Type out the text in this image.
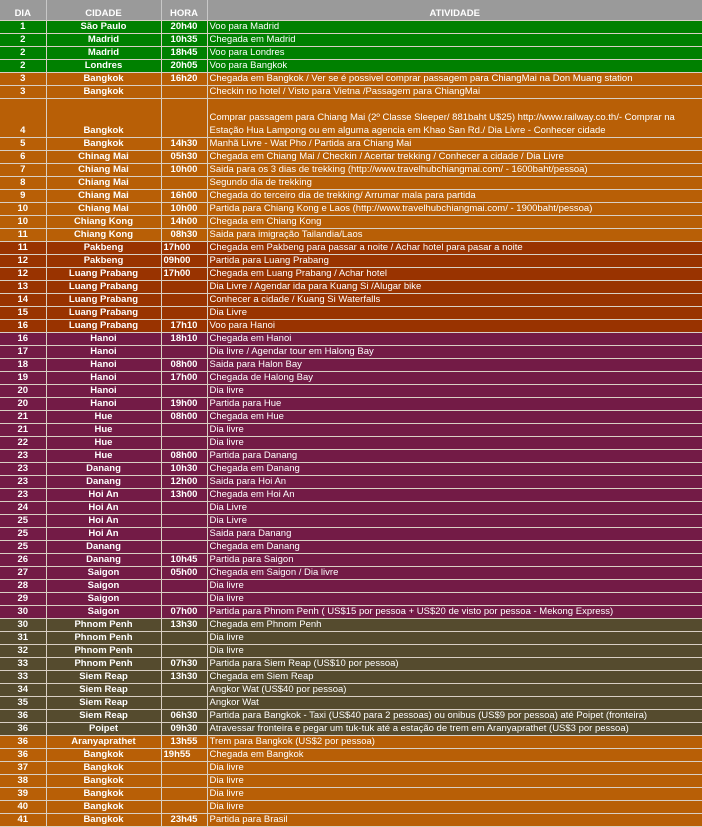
DIA	CIDADE	HORA	ATIVIDADE
1	São Paulo	20h40	Voo para Madrid
2	Madrid	10h35	Chegada em Madrid
2	Madrid	18h45	Voo para Londres
2	Londres	20h05	Voo para Bangkok
3	Bangkok	16h20	Chegada em Bangkok / Ver se é possivel comprar passagem para ChiangMai na Don Muang station
3	Bangkok		Checkin no hotel / Visto para Vietna /Passagem para ChiangMai
4	Bangkok		Comprar passagem para Chiang Mai (2º Classe Sleeper/ 881baht U$25) http://www.railway.co.th/- Comprar na Estação Hua Lampong ou em alguma agencia em Khao San Rd./ Dia Livre - Conhecer cidade
5	Bangkok	14h30	Manhã Livre - Wat Pho / Partida ara Chiang Mai
6	Chinag Mai	05h30	Chegada em Chiang Mai / Checkin / Acertar trekking / Conhecer a cidade / Dia Livre
7	Chiang Mai	10h00	Saida para os 3 dias de trekking (http://www.travelhubchiangmai.com/ - 1600baht/pessoa)
8	Chiang Mai		Segundo dia de trekking
9	Chiang Mai	16h00	Chegada do terceiro dia de trekking/ Arrumar mala para partida
10	Chiang Mai	10h00	Partida para Chiang Kong e Laos (http://www.travelhubchiangmai.com/ - 1900baht/pessoa)
10	Chiang Kong	14h00	Chegada em Chiang Kong
11	Chiang Kong	08h30	Saida para imigração Tailandia/Laos
11	Pakbeng	17h00	Chegada em Pakbeng para passar a noite / Achar hotel para pasar a noite
12	Pakbeng	09h00	Partida para Luang Prabang
12	Luang Prabang	17h00	Chegada em Luang Prabang / Achar hotel
13	Luang Prabang		Dia Livre / Agendar ida para Kuang Si /Alugar bike
14	Luang Prabang		Conhecer a cidade / Kuang Si Waterfalls
15	Luang Prabang		Dia Livre
16	Luang Prabang	17h10	Voo para Hanoi
16	Hanoi	18h10	Chegada em Hanoi
17	Hanoi		Dia livre / Agendar tour em Halong Bay
18	Hanoi	08h00	Saida para Halon Bay
19	Hanoi	17h00	Chegada de Halong Bay
20	Hanoi		Dia livre
20	Hanoi	19h00	Partida para Hue
21	Hue	08h00	Chegada em Hue
21	Hue		Dia livre
22	Hue		Dia livre
23	Hue	08h00	Partida para Danang
23	Danang	10h30	Chegada em Danang
23	Danang	12h00	Saida para Hoi An
23	Hoi An	13h00	Chegada em Hoi An
24	Hoi An		Dia Livre
25	Hoi An		Dia Livre
25	Hoi An		Saida para Danang
25	Danang		Chegada em Danang
26	Danang	10h45	Partida para Saigon
27	Saigon	05h00	Chegada em Saigon / Dia livre
28	Saigon		Dia livre
29	Saigon		Dia livre
30	Saigon	07h00	Partida para Phnom Penh ( US$15 por pessoa + US$20 de visto por pessoa - Mekong Express)
30	Phnom Penh	13h30	Chegada em Phnom Penh
31	Phnom Penh		Dia livre
32	Phnom Penh		Dia livre
33	Phnom Penh	07h30	Partida para Siem Reap (US$10 por pessoa)
33	Siem Reap	13h30	Chegada em Siem Reap
34	Siem Reap		Angkor Wat (US$40 por pessoa)
35	Siem Reap		Angkor Wat
36	Siem Reap	06h30	Partida para Bangkok - Taxi (US$40 para 2 pessoas) ou onibus (US$9 por pessoa) até Poipet (fronteira)
36	Poipet	09h30	Atravessar fronteira e pegar um tuk-tuk até a estação de trem em Aranyaprathet (US$3 por pessoa)
36	Aranyaprathet	13h55	Trem para Bangkok (US$2 por pessoa)
36	Bangkok	19h55	Chegada em Bangkok
37	Bangkok		Dia livre
38	Bangkok		Dia livre
39	Bangkok		Dia livre
40	Bangkok		Dia livre
41	Bangkok	23h45	Partida para Brasil
